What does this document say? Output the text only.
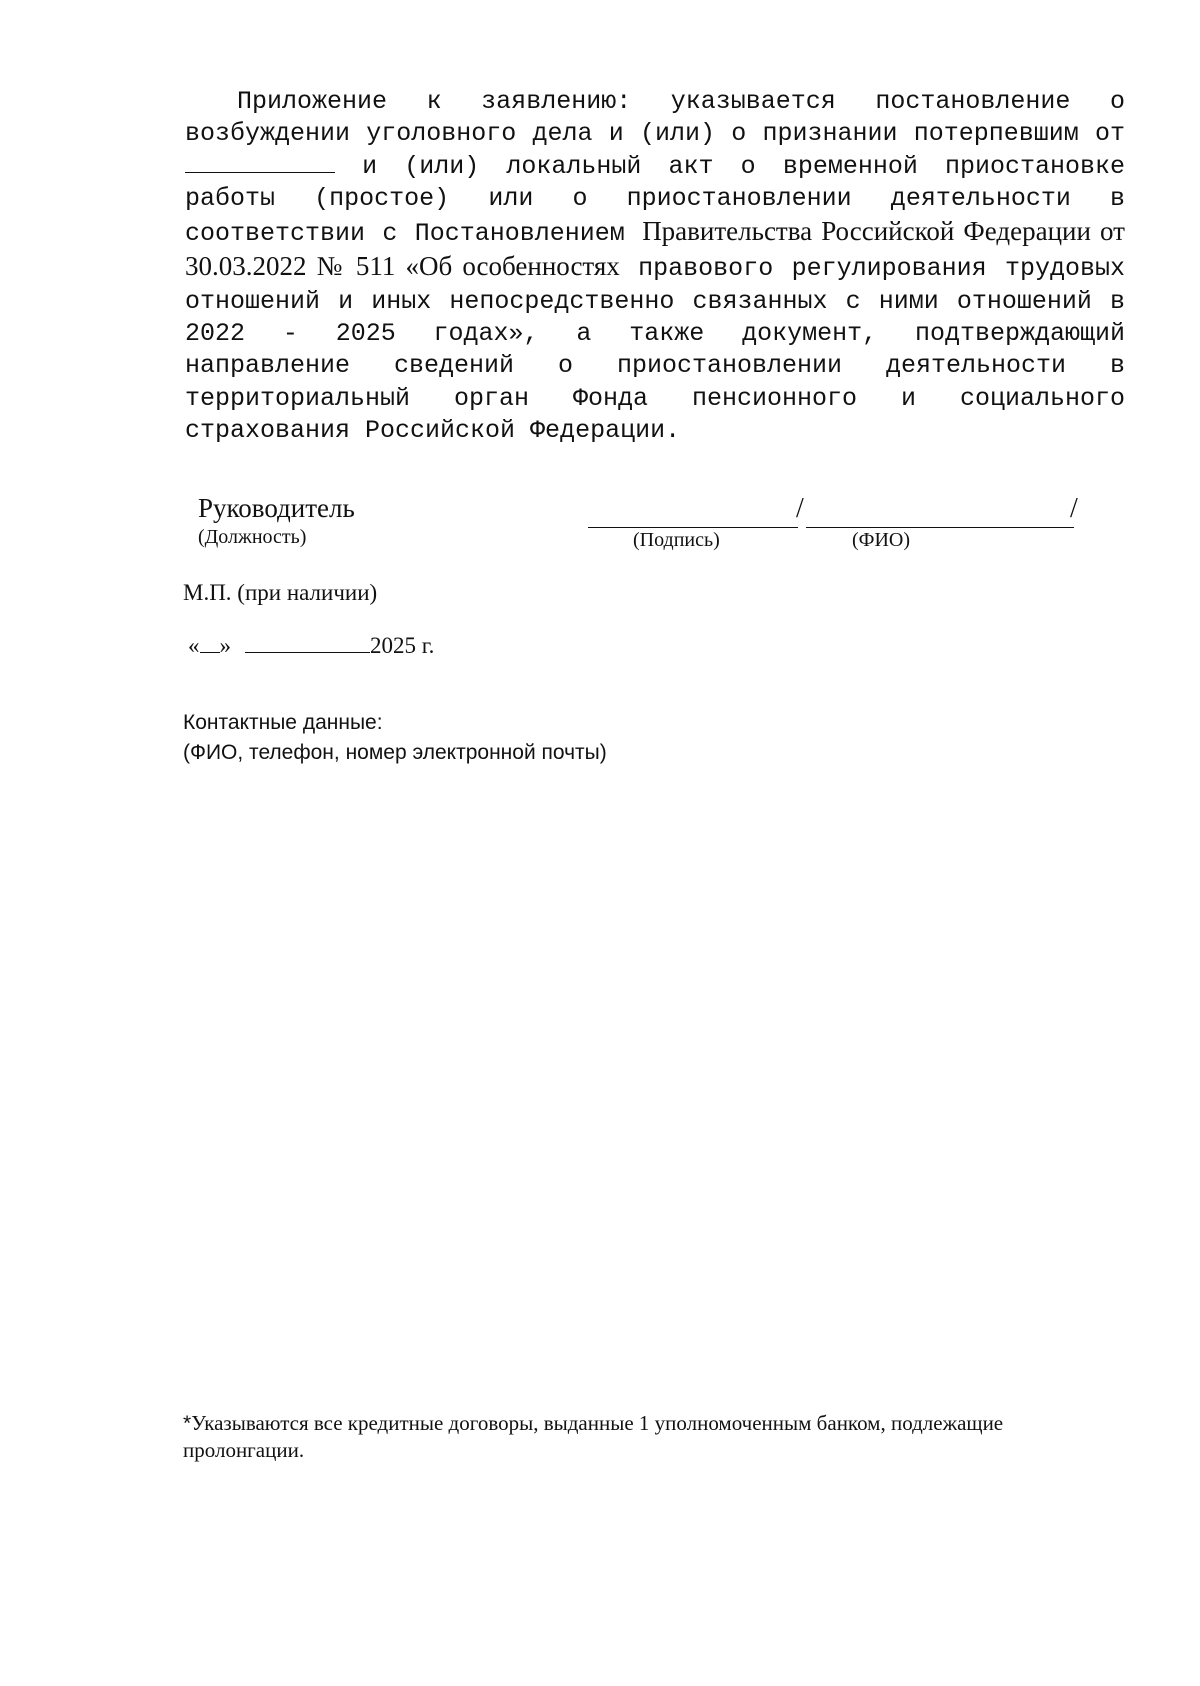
Приложение к заявлению: указывается постановление о возбуждении уголовного дела и (или) о признании потерпевшим от  и (или) локальный акт о временной приостановке работы (простое) или о приостановлении деятельности в соответствии с Постановлением Правительства Российской Федерации от 30.03.2022 № 511 «Об особенностях правового регулирования трудовых отношений и иных непосредственно связанных с ними отношений в 2022 - 2025 годах», а также документ, подтверждающий направление сведений о приостановлении деятельности в территориальный орган Фонда пенсионного и социального страхования Российской Федерации.

Руководитель
(Должность)
/	/
(Подпись)	(ФИО)
М.П. (при наличии)
« »	2025 г.
Контактные данные:
(ФИО, телефон, номер электронной почты)

*Указываются все кредитные договоры, выданные 1 уполномоченным банком, подлежащие пролонгации.
